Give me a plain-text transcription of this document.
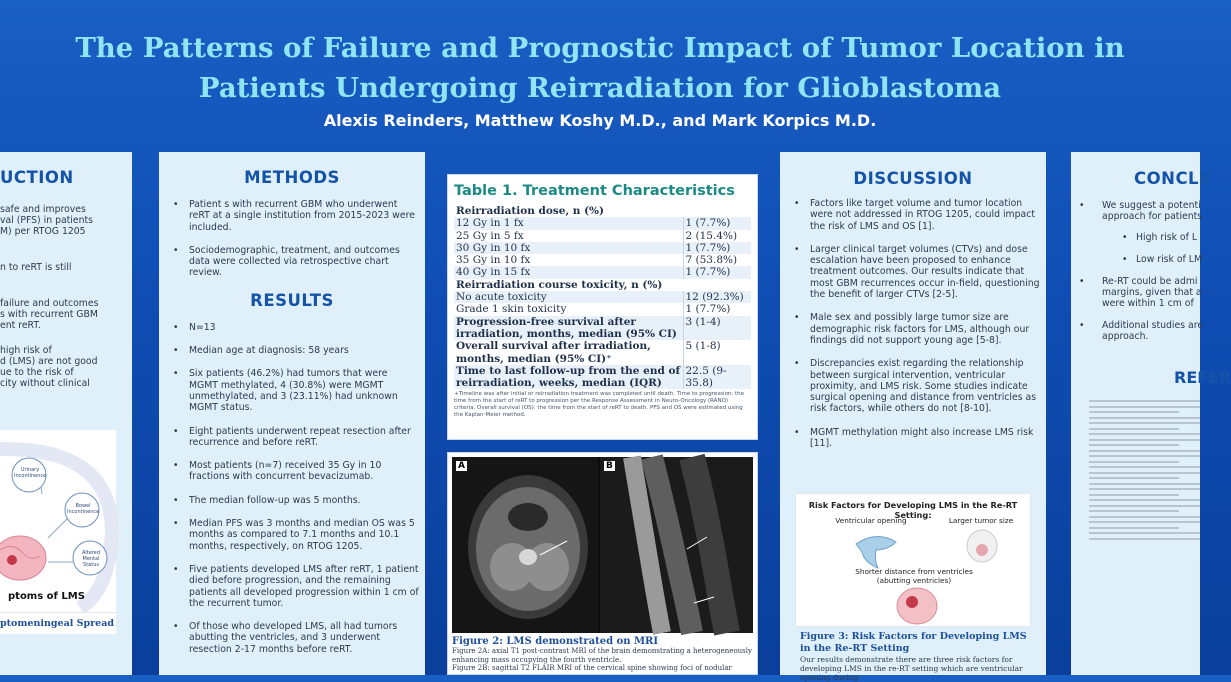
The Patterns of Failure and Prognostic Impact of Tumor Location in
Patients Undergoing Reirradiation for Glioblastoma
Alexis Reinders, Matthew Koshy M.D., and Mark Korpics M.D.
UCTION
safe and improves
val (PFS) in patients
M) per RTOG 1205
n to reRT is still
failure and outcomes
s with recurrent GBM
ent reRT.
high risk of
d (LMS) are not good
ue to the risk of
city without clinical
Urinary Incontinence
Bowel Incontinence
Altered Mental Status
ptoms of LMS
ptomeningeal Spread
METHODS
• Patient s with recurrent GBM who underwent reRT at a single institution from 2015-2023 were included.
• Sociodemographic, treatment, and outcomes data were collected via retrospective chart review.
RESULTS
• N=13
• Median age at diagnosis: 58 years
• Six patients (46.2%) had tumors that were MGMT methylated, 4 (30.8%) were MGMT unmethylated, and 3 (23.11%) had unknown MGMT status.
• Eight patients underwent repeat resection after recurrence and before reRT.
• Most patients (n=7) received 35 Gy in 10 fractions with concurrent bevacizumab.
• The median follow-up was 5 months.
• Median PFS was 3 months and median OS was 5 months as compared to 7.1 months and 10.1 months, respectively, on RTOG 1205.
• Five patients developed LMS after reRT, 1 patient died before progression, and the remaining patients all developed progression within 1 cm of the recurrent tumor.
• Of those who developed LMS, all had tumors abutting the ventricles, and 3 underwent resection 2-17 months before reRT.
Table 1. Treatment Characteristics
Reirradiation dose, n (%)	
12 Gy in 1 fx	1 (7.7%)
25 Gy in 5 fx	2 (15.4%)
30 Gy in 10 fx	1 (7.7%)
35 Gy in 10 fx	7 (53.8%)
40 Gy in 15 fx	1 (7.7%)
Reirradiation course toxicity, n (%)	
No acute toxicity	12 (92.3%)
Grade 1 skin toxicity	1 (7.7%)
Progression-free survival after irradiation, months, median (95% CI)	3 (1-4)
Overall survival after irradiation, months, median (95% CI)⁺	5 (1-8)
Time to last follow-up from the end of reirradiation, weeks, median (IQR)	22.5 (9-35.8)
+Timeline was after initial or reirradiation treatment was completed until death. Time to progression: the time from the start of reRT to progression per the Response Assessment in Neuro-Oncology (RANO) criteria. Overall survival (OS): the time from the start of reRT to death. PFS and OS were estimated using the Kaplan-Meier method.
A	B
Figure 2: LMS demonstrated on MRI
Figure 2A: axial T1 post-contrast MRI of the brain demonstrating a heterogeneously enhancing mass occupying the fourth ventricle.
Figure 2B: sagittal T2 FLAIR MRI of the cervical spine showing foci of nodular
DISCUSSION
• Factors like target volume and tumor location were not addressed in RTOG 1205, could impact the risk of LMS and OS [1].
• Larger clinical target volumes (CTVs) and dose escalation have been proposed to enhance treatment outcomes. Our results indicate that most GBM recurrences occur in-field, questioning the benefit of larger CTVs [2-5].
• Male sex and possibly large tumor size are demographic risk factors for LMS, although our findings did not support young age [5-8].
• Discrepancies exist regarding the relationship between surgical intervention, ventricular proximity, and LMS risk. Some studies indicate surgical opening and distance from ventricles as risk factors, while others do not [8-10].
• MGMT methylation might also increase LMS risk [11].
Risk Factors for Developing LMS in the Re-RT Setting:
Ventricular opening	Larger tumor size
Shorter distance from ventricles
(abutting ventricles)
Figure 3: Risk Factors for Developing LMS in the Re-RT Setting
Our results demonstrate there are three risk factors for developing LMS in the re-RT setting which are ventricular opening during
CONCLU
• We suggest a potenti
approach for patients
• High risk of L
• Low risk of LM
• Re-RT could be admi
margins, given that a
were within 1 cm of
• Additional studies are
approach.
REFER
